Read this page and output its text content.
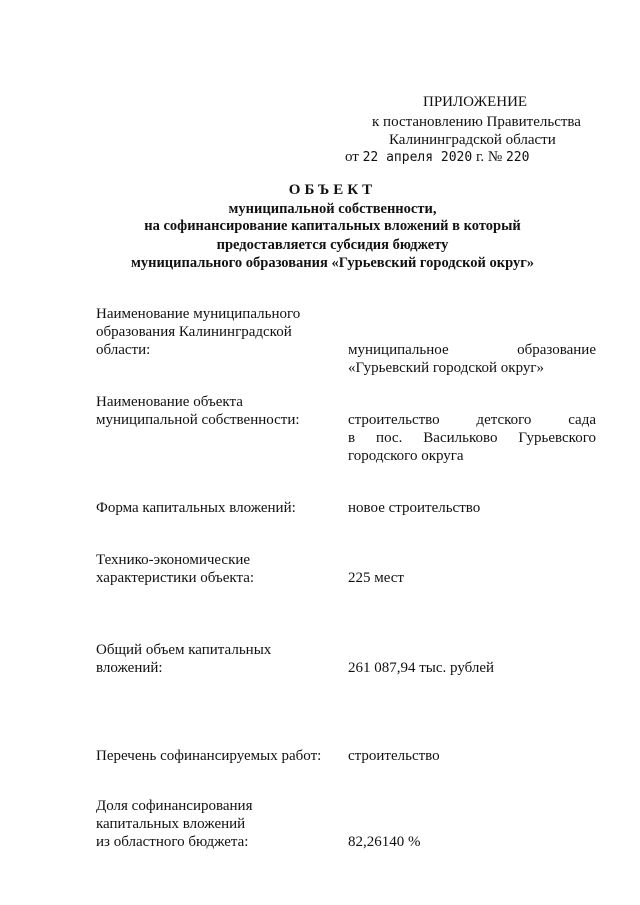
ПРИЛОЖЕНИЕ
к постановлению Правительства
Калининградской области
от 22 апреля 2020 г. № 220
ОБЪЕКТ
муниципальной собственности,
на софинансирование капитальных вложений в который
предоставляется субсидия бюджету
муниципального образования «Гурьевский городской округ»
Наименование муниципального
образования Калининградской
области:	муниципальное образование
«Гурьевский городской округ»
Наименование объекта
муниципальной собственности:	строительство детского сада
в пос. Васильково Гурьевского
городского округа
Форма капитальных вложений:	новое строительство
Технико-экономические
характеристики объекта:	225 мест
Общий объем капитальных
вложений:	261 087,94 тыс. рублей
Перечень софинансируемых работ: строительство
Доля софинансирования
капитальных вложений
из областного бюджета:	82,26140 %
